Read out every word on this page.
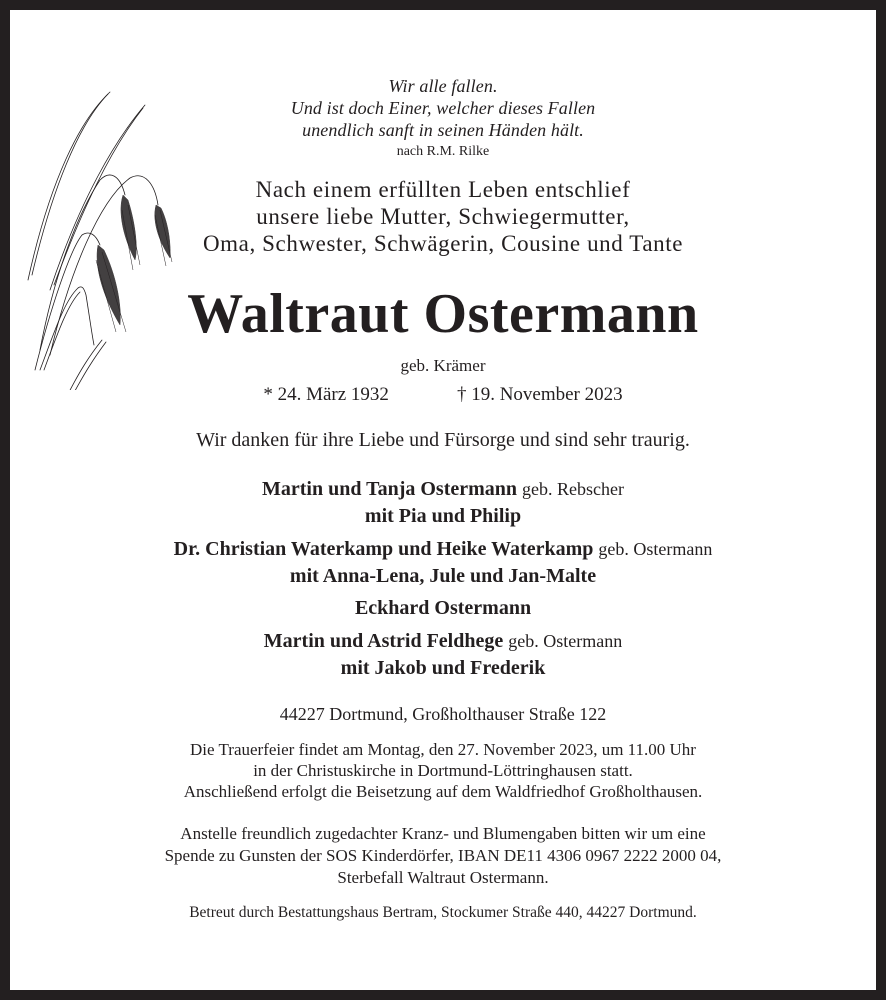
Wir alle fallen.
Und ist doch Einer, welcher dieses Fallen
unendlich sanft in seinen Händen hält.
nach R.M. Rilke
Nach einem erfüllten Leben entschlief
unsere liebe Mutter, Schwiegermutter,
Oma, Schwester, Schwägerin, Cousine und Tante
Waltraut Ostermann
geb. Krämer
* 24. März 1932	† 19. November 2023
Wir danken für ihre Liebe und Fürsorge und sind sehr traurig.
Martin und Tanja Ostermann geb. Rebscher
mit Pia und Philip
Dr. Christian Waterkamp und Heike Waterkamp geb. Ostermann
mit Anna-Lena, Jule und Jan-Malte
Eckhard Ostermann
Martin und Astrid Feldhege geb. Ostermann
mit Jakob und Frederik
44227 Dortmund, Großholthauser Straße 122
Die Trauerfeier findet am Montag, den 27. November 2023, um 11.00 Uhr
in der Christuskirche in Dortmund-Löttringhausen statt.
Anschließend erfolgt die Beisetzung auf dem Waldfriedhof Großholthausen.
Anstelle freundlich zugedachter Kranz- und Blumengaben bitten wir um eine
Spende zu Gunsten der SOS Kinderdörfer, IBAN DE11 4306 0967 2222 2000 04,
Sterbefall Waltraut Ostermann.
Betreut durch Bestattungshaus Bertram, Stockumer Straße 440, 44227 Dortmund.
